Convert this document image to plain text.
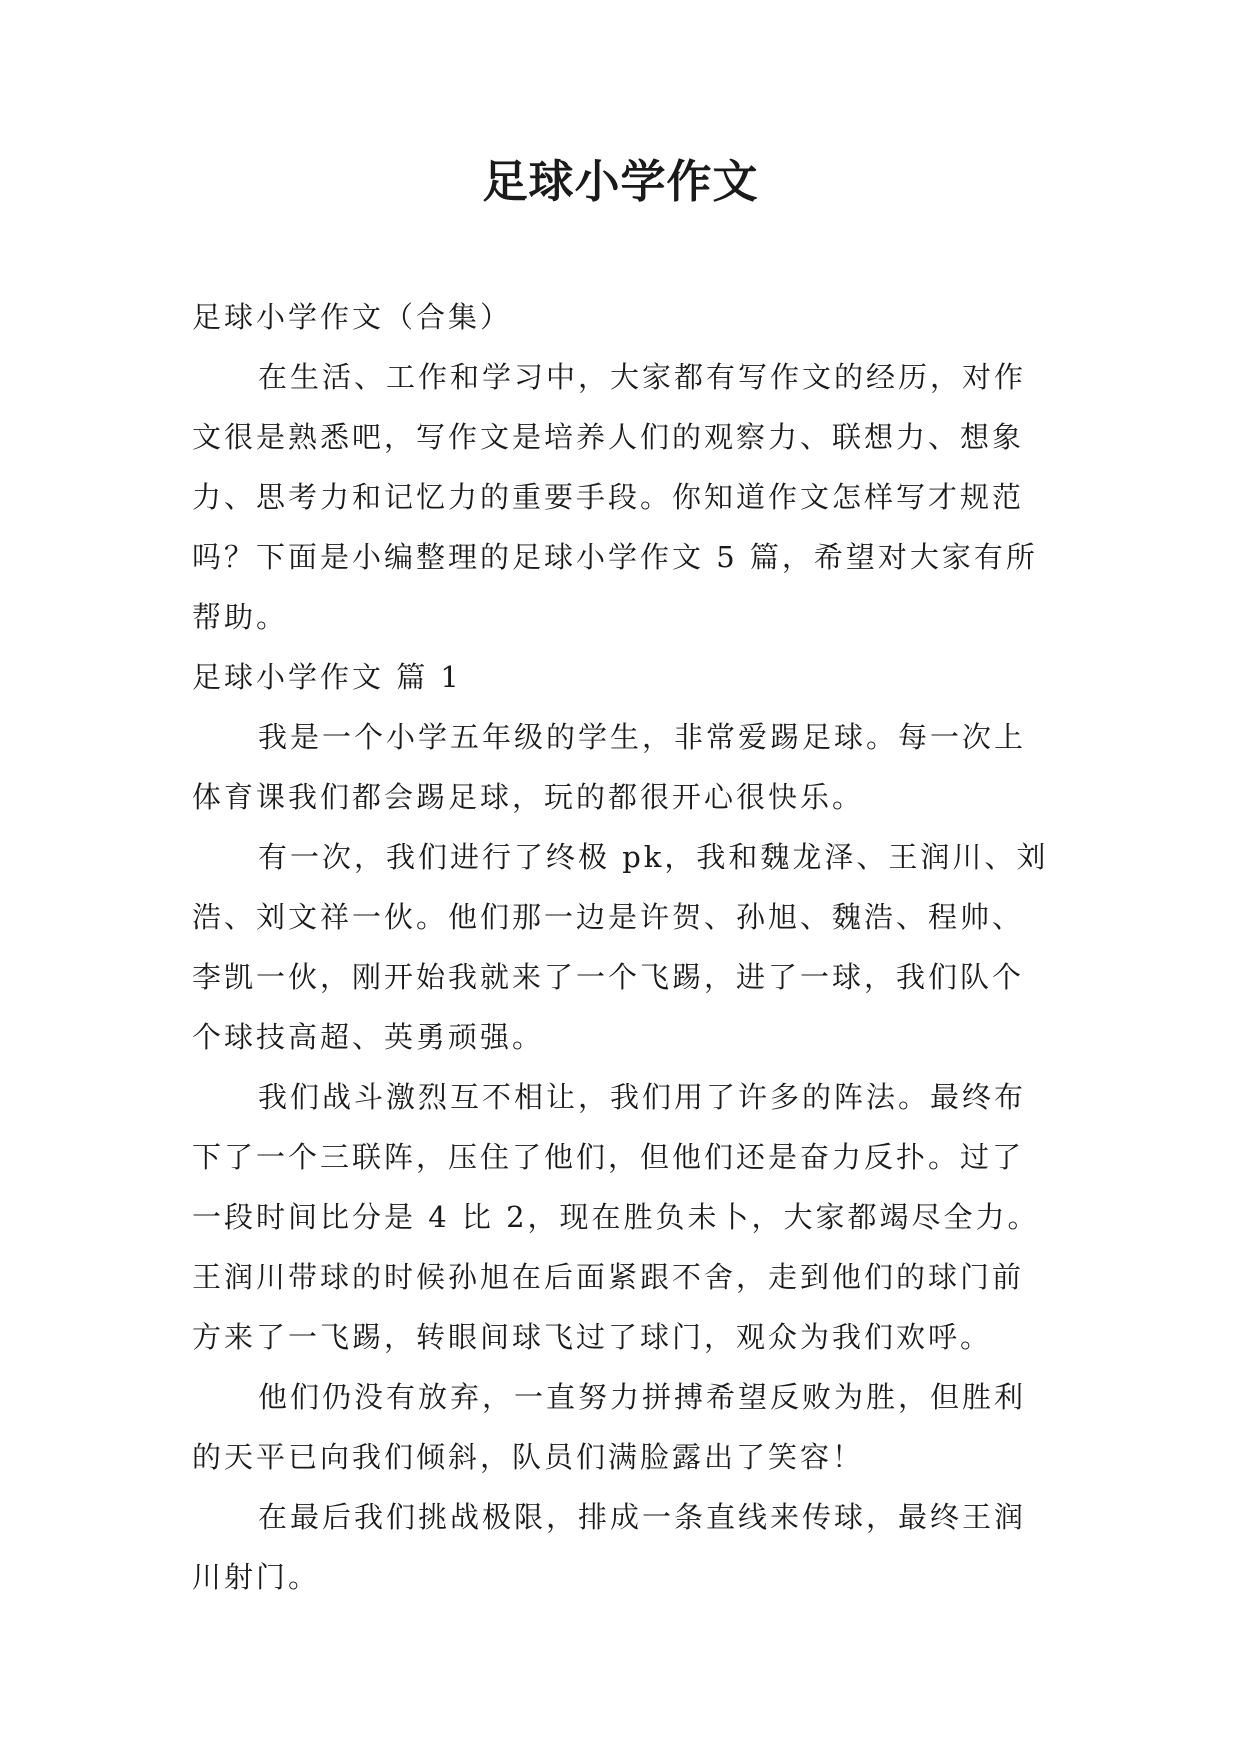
足球小学作文

足球小学作文（合集）

在生活、工作和学习中，大家都有写作文的经历，对作

文很是熟悉吧，写作文是培养人们的观察力、联想力、想象

力、思考力和记忆力的重要手段。你知道作文怎样写才规范

吗？下面是小编整理的足球小学作文 5 篇，希望对大家有所

帮助。

足球小学作文 篇 1

我是一个小学五年级的学生，非常爱踢足球。每一次上

体育课我们都会踢足球，玩的都很开心很快乐。

有一次，我们进行了终极 pk，我和魏龙泽、王润川、刘

浩、刘文祥一伙。他们那一边是许贺、孙旭、魏浩、程帅、

李凯一伙，刚开始我就来了一个飞踢，进了一球，我们队个

个球技高超、英勇顽强。

我们战斗激烈互不相让，我们用了许多的阵法。最终布

下了一个三联阵，压住了他们，但他们还是奋力反扑。过了

一段时间比分是 4 比 2，现在胜负未卜，大家都竭尽全力。

王润川带球的时候孙旭在后面紧跟不舍，走到他们的球门前

方来了一飞踢，转眼间球飞过了球门，观众为我们欢呼。

他们仍没有放弃，一直努力拼搏希望反败为胜，但胜利

的天平已向我们倾斜，队员们满脸露出了笑容！

在最后我们挑战极限，排成一条直线来传球，最终王润

川射门。
